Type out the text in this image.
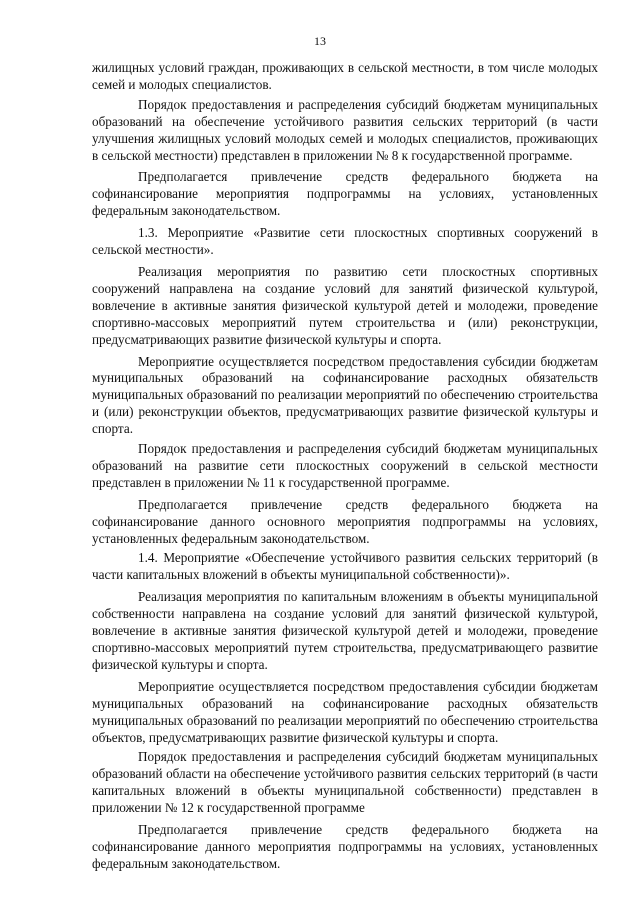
13

жилищных условий граждан, проживающих в сельской местности, в том числе молодых семей и молодых специалистов.

Порядок предоставления и распределения субсидий бюджетам муниципальных образований на обеспечение устойчивого развития сельских территорий (в части улучшения жилищных условий молодых семей и молодых специалистов, проживающих в сельской местности) представлен в приложении № 8 к государственной программе.

Предполагается привлечение средств федерального бюджета на софинансирование мероприятия подпрограммы на условиях, установленных федеральным законодательством.

1.3. Мероприятие «Развитие сети плоскостных спортивных сооружений в сельской местности».

Реализация мероприятия по развитию сети плоскостных спортивных сооружений направлена на создание условий для занятий физической культурой, вовлечение в активные занятия физической культурой детей и молодежи, проведение спортивно-массовых мероприятий путем строительства и (или) реконструкции, предусматривающих развитие физической культуры и спорта.

Мероприятие осуществляется посредством предоставления субсидии бюджетам муниципальных образований на софинансирование расходных обязательств муниципальных образований по реализации мероприятий по обеспечению строительства и (или) реконструкции объектов, предусматривающих развитие физической культуры и спорта.

Порядок предоставления и распределения субсидий бюджетам муниципальных образований на развитие сети плоскостных сооружений в сельской местности представлен в приложении № 11 к государственной программе.

Предполагается привлечение средств федерального бюджета на софинансирование данного основного мероприятия подпрограммы на условиях, установленных федеральным законодательством.

1.4. Мероприятие «Обеспечение устойчивого развития сельских территорий (в части капитальных вложений в объекты муниципальной собственности)».

Реализация мероприятия по капитальным вложениям в объекты муниципальной собственности направлена на создание условий для занятий физической культурой, вовлечение в активные занятия физической культурой детей и молодежи, проведение спортивно-массовых мероприятий путем строительства, предусматривающего развитие физической культуры и спорта.

Мероприятие осуществляется посредством предоставления субсидии бюджетам муниципальных образований на софинансирование расходных обязательств муниципальных образований по реализации мероприятий по обеспечению строительства объектов, предусматривающих развитие физической культуры и спорта.

Порядок предоставления и распределения субсидий бюджетам муниципальных образований области на обеспечение устойчивого развития сельских территорий (в части капитальных вложений в объекты муниципальной собственности) представлен в приложении № 12 к государственной программе

Предполагается привлечение средств федерального бюджета на софинансирование данного мероприятия подпрограммы на условиях, установленных федеральным законодательством.
